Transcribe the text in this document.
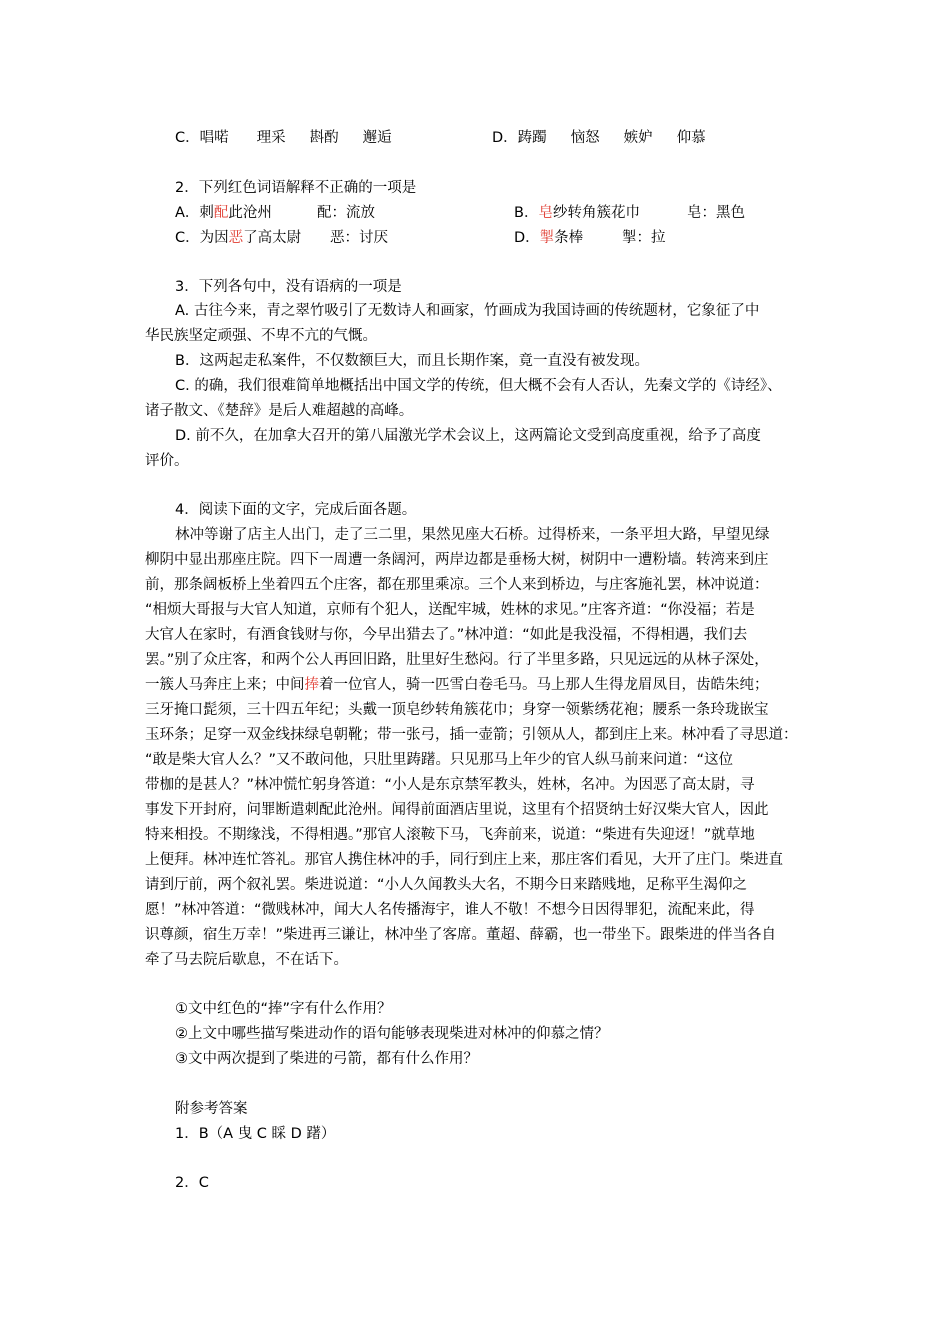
C．唱喏 理采 斟酌 邂逅	D．踌躅 恼怒 嫉妒 仰慕
2．下列红色词语解释不正确的一项是
A．刺配此沧州	配：流放	B．皂纱转角簇花巾	皂：黑色
C．为因恶了高太尉 恶：讨厌	D．掣条棒	掣：拉
3．下列各句中，没有语病的一项是
A. 古往今来，青之翠竹吸引了无数诗人和画家，竹画成为我国诗画的传统题材，它象征了中
华民族坚定顽强、不卑不亢的气慨。
B．这两起走私案件，不仅数额巨大，而且长期作案，竟一直没有被发现。
C. 的确，我们很难简单地概括出中国文学的传统，但大概不会有人否认，先秦文学的《诗经》、
诸子散文、《楚辞》是后人难超越的高峰。
D. 前不久，在加拿大召开的第八届激光学术会议上，这两篇论文受到高度重视，给予了高度
评价。
4．阅读下面的文字，完成后面各题。
林冲等谢了店主人出门，走了三二里，果然见座大石桥。过得桥来，一条平坦大路，早望见绿
柳阴中显出那座庄院。四下一周遭一条阔河，两岸边都是垂杨大树，树阴中一遭粉墙。转湾来到庄
前，那条阔板桥上坐着四五个庄客，都在那里乘凉。三个人来到桥边，与庄客施礼罢，林冲说道：
“相烦大哥报与大官人知道，京师有个犯人，送配牢城，姓林的求见。”庄客齐道：“你没福；若是
大官人在家时，有酒食钱财与你，今早出猎去了。”林冲道：“如此是我没福，不得相遇，我们去
罢。”别了众庄客，和两个公人再回旧路，肚里好生愁闷。行了半里多路，只见远远的从林子深处，
一簇人马奔庄上来；中间捧着一位官人，骑一匹雪白卷毛马。马上那人生得龙眉凤目，齿皓朱纯；
三牙掩口髭须，三十四五年纪；头戴一顶皂纱转角簇花巾；身穿一领紫绣花袍；腰系一条玲珑嵌宝
玉环条；足穿一双金线抹绿皂朝靴；带一张弓，插一壶箭；引领从人，都到庄上来。林冲看了寻思道：
“敢是柴大官人么？”又不敢问他，只肚里踌躇。只见那马上年少的官人纵马前来问道：“这位
带枷的是甚人？”林冲慌忙躬身答道：“小人是东京禁军教头，姓林，名冲。为因恶了高太尉，寻
事发下开封府，问罪断遣刺配此沧州。闻得前面酒店里说，这里有个招贤纳士好汉柴大官人，因此
特来相投。不期缘浅，不得相遇。”那官人滚鞍下马，飞奔前来，说道：“柴进有失迎迓！”就草地
上便拜。林冲连忙答礼。那官人携住林冲的手，同行到庄上来，那庄客们看见，大开了庄门。柴进直
请到厅前，两个叙礼罢。柴进说道：“小人久闻教头大名，不期今日来踏贱地，足称平生渴仰之
愿！”林冲答道：“微贱林冲，闻大人名传播海宇，谁人不敬！不想今日因得罪犯，流配来此，得
识尊颜，宿生万幸！”柴进再三谦让，林冲坐了客席。董超、薛霸，也一带坐下。跟柴进的伴当各自
牵了马去院后歇息，不在话下。
①文中红色的“捧”字有什么作用？
②上文中哪些描写柴进动作的语句能够表现柴进对林冲的仰慕之情？
③文中两次提到了柴进的弓箭，都有什么作用？
附参考答案
1．B（A 曳 C 睬 D 躇）
2．C
